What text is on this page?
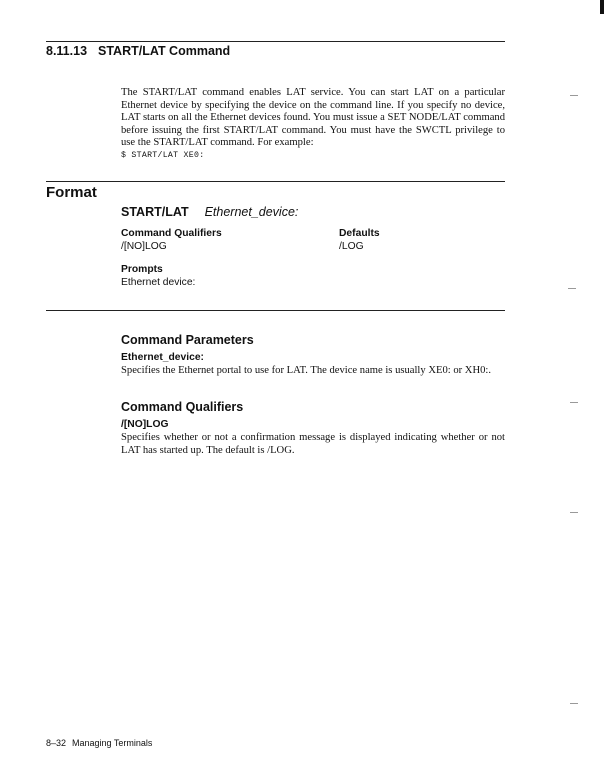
8.11.13 START/LAT Command
The START/LAT command enables LAT service. You can start LAT on a particular Ethernet device by specifying the device on the command line. If you specify no device, LAT starts on all the Ethernet devices found. You must issue a SET NODE/LAT command before issuing the first START/LAT command. You must have the SWCTL privilege to use the START/LAT command. For example:
$ START/LAT XE0:
Format
START/LAT Ethernet_device:
Command Qualifiers
/[NO]LOG
Defaults
/LOG
Prompts
Ethernet device:
Command Parameters
Ethernet_device:
Specifies the Ethernet portal to use for LAT. The device name is usually XE0: or XH0:.
Command Qualifiers
/[NO]LOG
Specifies whether or not a confirmation message is displayed indicating whether or not LAT has started up. The default is /LOG.
8–32 Managing Terminals
